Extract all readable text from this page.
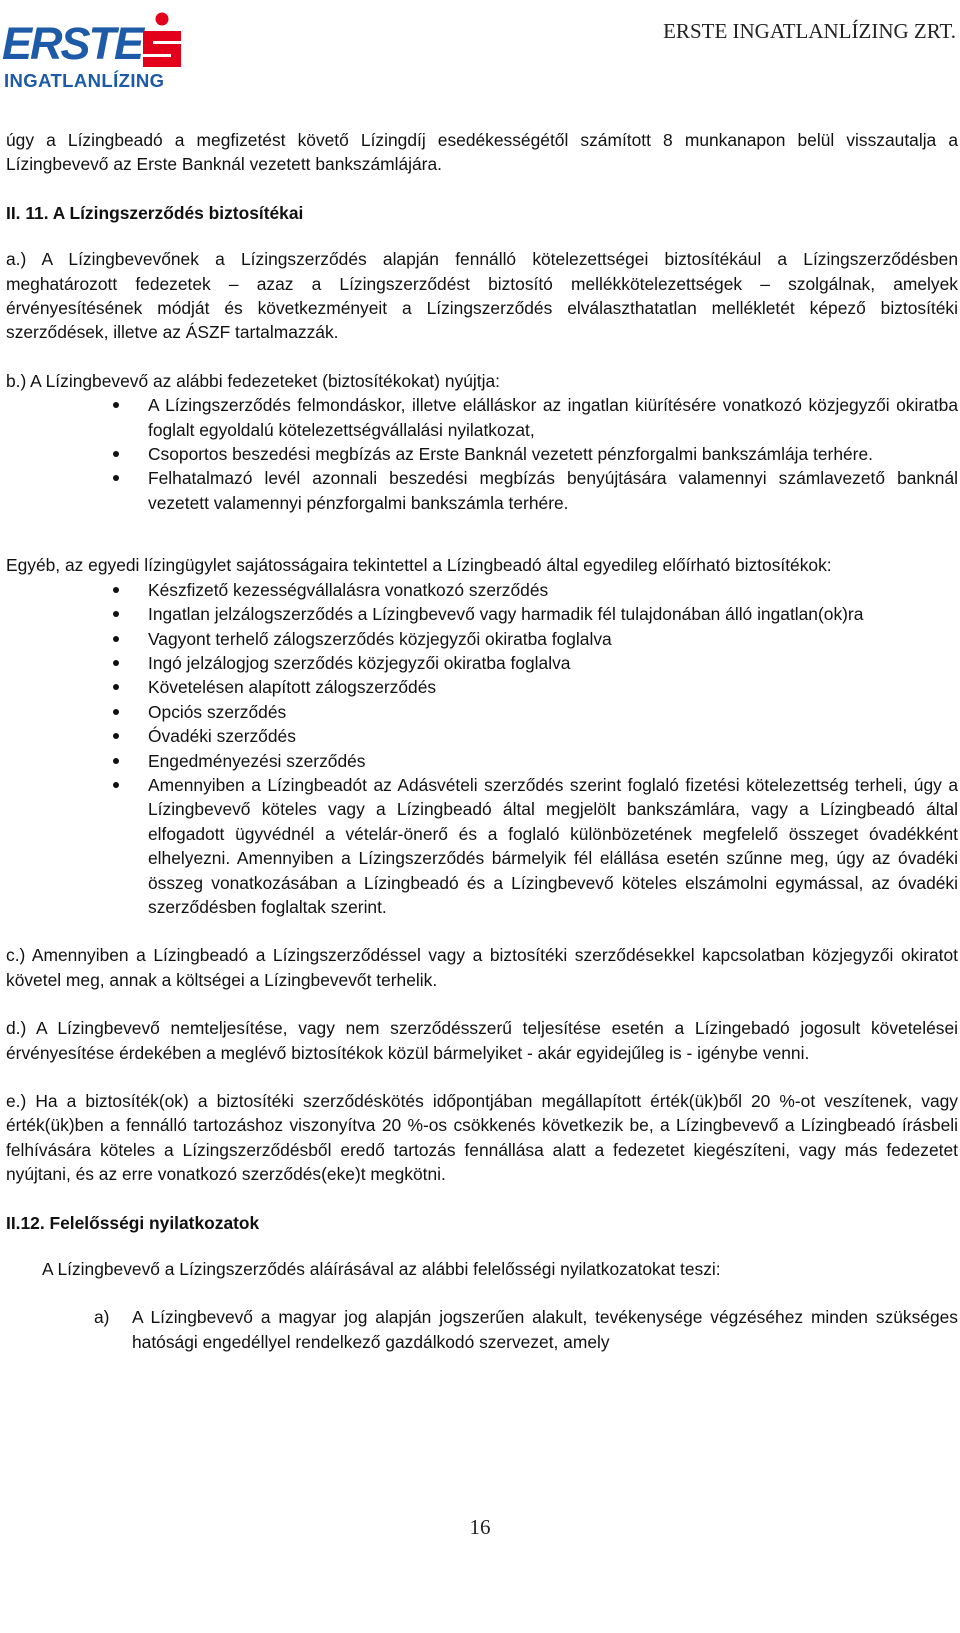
ERSTE
INGATLANLÍZING
ERSTE INGATLANLÍZING ZRT.

úgy a Lízingbeadó a megfizetést követő Lízingdíj esedékességétől számított 8 munkanapon belül visszautalja a Lízingbevevő az Erste Banknál vezetett bankszámlájára.

II. 11. A Lízingszerződés biztosítékai

a.) A Lízingbevevőnek a Lízingszerződés alapján fennálló kötelezettségei biztosítékául a Lízingszerződésben meghatározott fedezetek – azaz a Lízingszerződést biztosító mellékkötelezettségek – szolgálnak, amelyek érvényesítésének módját és következményeit a Lízingszerződés elválaszthatatlan mellékletét képező biztosítéki szerződések, illetve az ÁSZF tartalmazzák.

b.) A Lízingbevevő az alábbi fedezeteket (biztosítékokat) nyújtja:

A Lízingszerződés felmondáskor, illetve elálláskor az ingatlan kiürítésére vonatkozó közjegyzői okiratba foglalt egyoldalú kötelezettségvállalási nyilatkozat,
Csoportos beszedési megbízás az Erste Banknál vezetett pénzforgalmi bankszámlája terhére.
Felhatalmazó levél azonnali beszedési megbízás benyújtására valamennyi számlavezető banknál vezetett valamennyi pénzforgalmi bankszámla terhére.

Egyéb, az egyedi lízingügylet sajátosságaira tekintettel a Lízingbeadó által egyedileg előírható biztosítékok:

Készfizető kezességvállalásra vonatkozó szerződés
Ingatlan jelzálogszerződés a Lízingbevevő vagy harmadik fél tulajdonában álló ingatlan(ok)ra
Vagyont terhelő zálogszerződés közjegyzői okiratba foglalva
Ingó jelzálogjog szerződés közjegyzői okiratba foglalva
Követelésen alapított zálogszerződés
Opciós szerződés
Óvadéki szerződés
Engedményezési szerződés
Amennyiben a Lízingbeadót az Adásvételi szerződés szerint foglaló fizetési kötelezettség terheli, úgy a Lízingbevevő köteles vagy a Lízingbeadó által megjelölt bankszámlára, vagy a Lízingbeadó által elfogadott ügyvédnél a vételár-önerő és a foglaló különbözetének megfelelő összeget óvadékként elhelyezni. Amennyiben a Lízingszerződés bármelyik fél elállása esetén szűnne meg, úgy az óvadéki összeg vonatkozásában a Lízingbeadó és a Lízingbevevő köteles elszámolni egymással, az óvadéki szerződésben foglaltak szerint.

c.) Amennyiben a Lízingbeadó a Lízingszerződéssel vagy a biztosítéki szerződésekkel kapcsolatban közjegyzői okiratot követel meg, annak a költségei a Lízingbevevőt terhelik.

d.) A Lízingbevevő nemteljesítése, vagy nem szerződésszerű teljesítése esetén a Lízingebadó jogosult követelései érvényesítése érdekében a meglévő biztosítékok közül bármelyiket - akár egyidejűleg is - igénybe venni.

e.) Ha a biztosíték(ok) a biztosítéki szerződéskötés időpontjában megállapított érték(ük)ből 20 %-ot veszítenek, vagy érték(ük)ben a fennálló tartozáshoz viszonyítva 20 %-os csökkenés következik be, a Lízingbevevő a Lízingbeadó írásbeli felhívására köteles a Lízingszerződésből eredő tartozás fennállása alatt a fedezetet kiegészíteni, vagy más fedezetet nyújtani, és az erre vonatkozó szerződés(eke)t megkötni.

II.12. Felelősségi nyilatkozatok

A Lízingbevevő a Lízingszerződés aláírásával az alábbi felelősségi nyilatkozatokat teszi:

a) A Lízingbevevő a magyar jog alapján jogszerűen alakult, tevékenysége végzéséhez minden szükséges hatósági engedéllyel rendelkező gazdálkodó szervezet, amely
16
